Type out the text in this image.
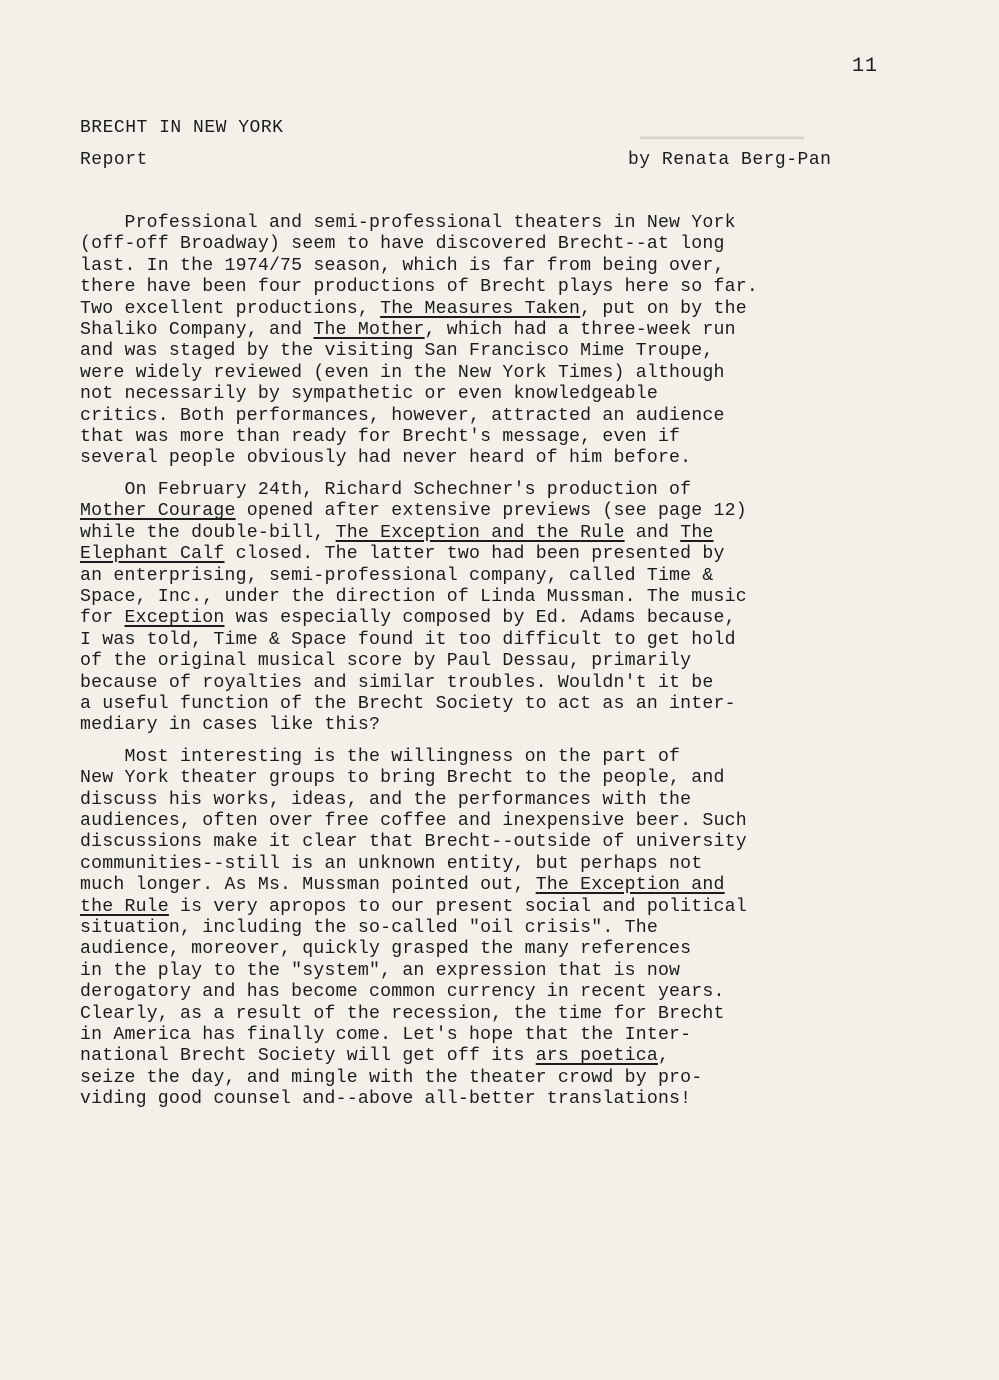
▁▁▁▁▁▁▁▁▁▁▁▁▁▁▁▁
11
BRECHT IN NEW YORK
Report	by Renata Berg-Pan
Professional and semi-professional theaters in New York
(off-off Broadway) seem to have discovered Brecht--at long
last. In the 1974/75 season, which is far from being over,
there have been four productions of Brecht plays here so far.
Two excellent productions, The Measures Taken, put on by the
Shaliko Company, and The Mother, which had a three-week run
and was staged by the visiting San Francisco Mime Troupe,
were widely reviewed (even in the New York Times) although
not necessarily by sympathetic or even knowledgeable
critics. Both performances, however, attracted an audience
that was more than ready for Brecht's message, even if
several people obviously had never heard of him before.
On February 24th, Richard Schechner's production of
Mother Courage opened after extensive previews (see page 12)
while the double-bill, The Exception and the Rule and The
Elephant Calf closed. The latter two had been presented by
an enterprising, semi-professional company, called Time &
Space, Inc., under the direction of Linda Mussman. The music
for Exception was especially composed by Ed. Adams because,
I was told, Time & Space found it too difficult to get hold
of the original musical score by Paul Dessau, primarily
because of royalties and similar troubles. Wouldn't it be
a useful function of the Brecht Society to act as an inter-
mediary in cases like this?
Most interesting is the willingness on the part of
New York theater groups to bring Brecht to the people, and
discuss his works, ideas, and the performances with the
audiences, often over free coffee and inexpensive beer. Such
discussions make it clear that Brecht--outside of university
communities--still is an unknown entity, but perhaps not
much longer. As Ms. Mussman pointed out, The Exception and
the Rule is very apropos to our present social and political
situation, including the so-called "oil crisis". The
audience, moreover, quickly grasped the many references
in the play to the "system", an expression that is now
derogatory and has become common currency in recent years.
Clearly, as a result of the recession, the time for Brecht
in America has finally come. Let's hope that the Inter-
national Brecht Society will get off its ars poetica,
seize the day, and mingle with the theater crowd by pro-
viding good counsel and--above all-better translations!
